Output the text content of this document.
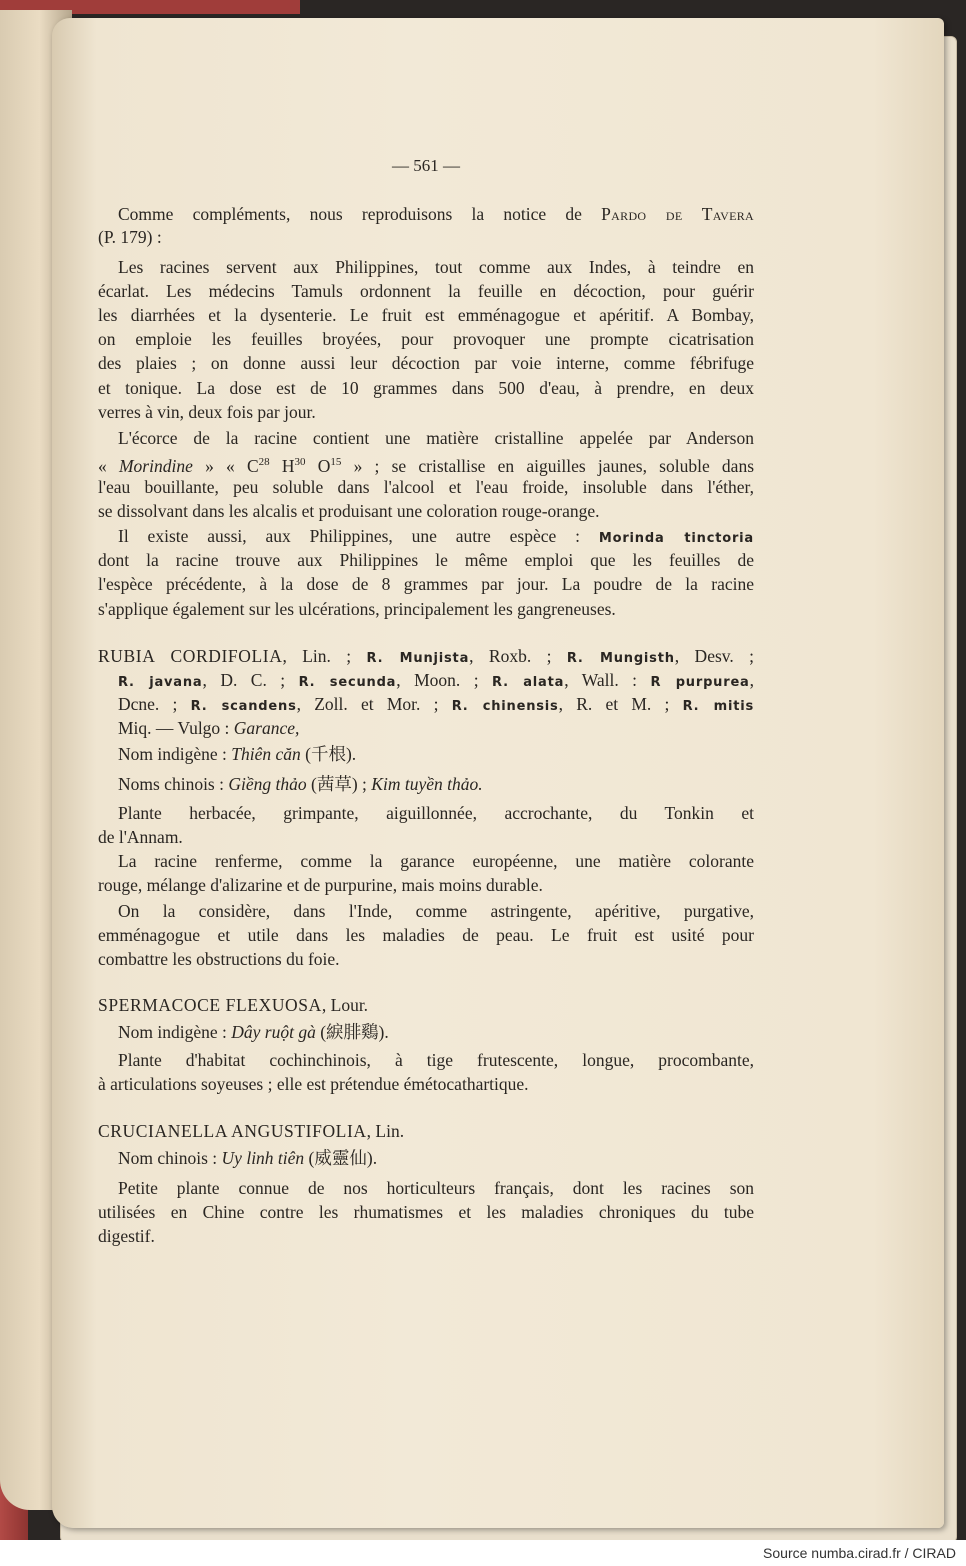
Source numba.cirad.fr / CIRAD
— 561 —
Comme compléments, nous reproduisons la notice de Pardo de Tavera
(P. 179) :
Les racines servent aux Philippines, tout comme aux Indes, à teindre en
écarlat. Les médecins Tamuls ordonnent la feuille en décoction, pour guérir
les diarrhées et la dysenterie. Le fruit est emménagogue et apéritif. A Bombay,
on emploie les feuilles broyées, pour provoquer une prompte cicatrisation
des plaies ; on donne aussi leur décoction par voie interne, comme fébrifuge
et tonique. La dose est de 10 grammes dans 500 d'eau, à prendre, en deux
verres à vin, deux fois par jour.
L'écorce de la racine contient une matière cristalline appelée par Anderson
« Morindine » « $C^{28}$ $H^{30}$ $O^{15}$ » ; se cristallise en aiguilles jaunes, soluble dans
l'eau bouillante, peu soluble dans l'alcool et l'eau froide, insoluble dans l'éther,
se dissolvant dans les alcalis et produisant une coloration rouge-orange.
Il existe aussi, aux Philippines, une autre espèce : Morinda tinctoria
dont la racine trouve aux Philippines le même emploi que les feuilles de
l'espèce précédente, à la dose de 8 grammes par jour. La poudre de la racine
s'applique également sur les ulcérations, principalement les gangreneuses.
RUBIA CORDIFOLIA, Lin. ; R. Munjista, Roxb. ; R. Mungisth, Desv. ;
R. javana, D. C. ; R. secunda, Moon. ; R. alata, Wall. : R purpurea,
Dcne. ; R. scandens, Zoll. et Mor. ; R. chinensis, R. et M. ; R. mitis
Miq. — Vulgo : Garance,
Nom indigène : Thiên căn (千根).
Noms chinois : Giềng thảo (茜草) ; Kim tuyền thảo.
Plante herbacée, grimpante, aiguillonnée, accrochante, du Tonkin et
de l'Annam.
La racine renferme, comme la garance européenne, une matière colorante
rouge, mélange d'alizarine et de purpurine, mais moins durable.
On la considère, dans l'Inde, comme astringente, apéritive, purgative,
emménagogue et utile dans les maladies de peau. Le fruit est usité pour
combattre les obstructions du foie.
SPERMACOCE FLEXUOSA, Lour.
Nom indigène : Dây ruột gà (綟腓鷄).
Plante d'habitat cochinchinois, à tige frutescente, longue, procombante,
à articulations soyeuses ; elle est prétendue émétocathartique.
CRUCIANELLA ANGUSTIFOLIA, Lin.
Nom chinois : Uy linh tiên (威靈仙).
Petite plante connue de nos horticulteurs français, dont les racines son
utilisées en Chine contre les rhumatismes et les maladies chroniques du tube
digestif.
